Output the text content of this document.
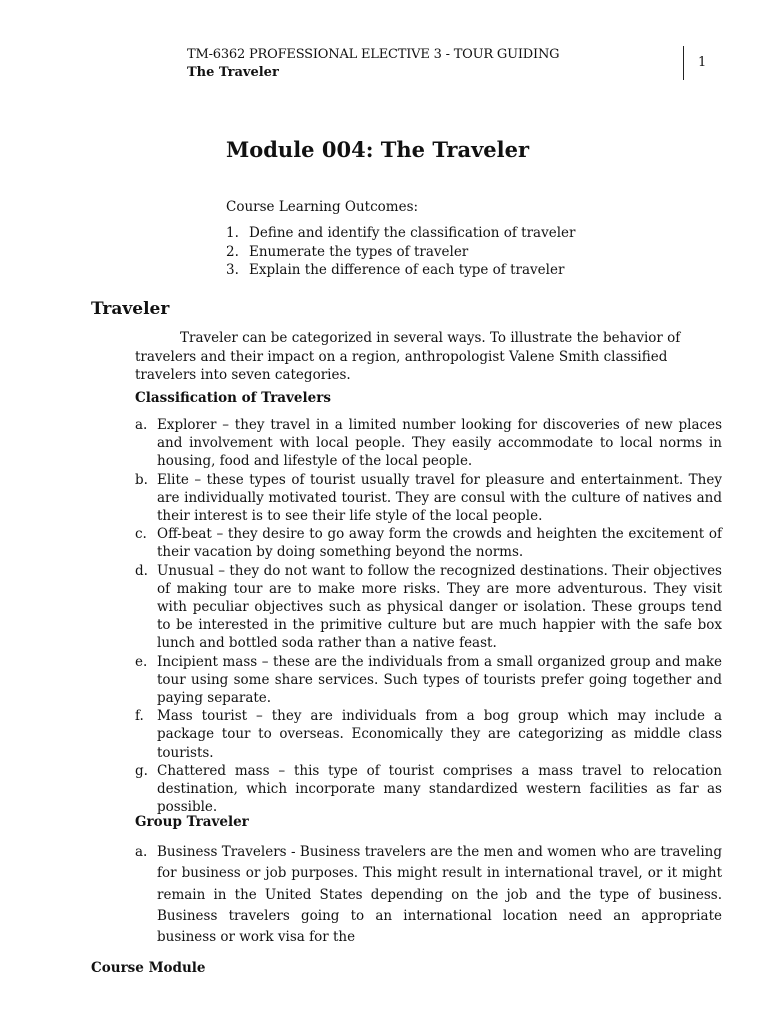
TM-6362 PROFESSIONAL ELECTIVE 3 - TOUR GUIDING
The Traveler
1
Module 004: The Traveler
Course Learning Outcomes:
1. Define and identify the classification of traveler
2. Enumerate the types of traveler
3. Explain the difference of each type of traveler
Traveler

Traveler can be categorized in several ways. To illustrate the behavior of travelers and their impact on a region, anthropologist Valene Smith classified travelers into seven categories.

Classification of Travelers
a. Explorer – they travel in a limited number looking for discoveries of new places and involvement with local people. They easily accommodate to local norms in housing, food and lifestyle of the local people.
b. Elite – these types of tourist usually travel for pleasure and entertainment. They are individually motivated tourist. They are consul with the culture of natives and their interest is to see their life style of the local people.
c. Off-beat – they desire to go away form the crowds and heighten the excitement of their vacation by doing something beyond the norms.
d. Unusual – they do not want to follow the recognized destinations. Their objectives of making tour are to make more risks. They are more adventurous. They visit with peculiar objectives such as physical danger or isolation. These groups tend to be interested in the primitive culture but are much happier with the safe box lunch and bottled soda rather than a native feast.
e. Incipient mass – these are the individuals from a small organized group and make tour using some share services. Such types of tourists prefer going together and paying separate.
f. Mass tourist – they are individuals from a bog group which may include a package tour to overseas. Economically they are categorizing as middle class tourists.
g. Chattered mass – this type of tourist comprises a mass travel to relocation destination, which incorporate many standardized western facilities as far as possible.
Group Traveler
a. Business Travelers - Business travelers are the men and women who are traveling for business or job purposes. This might result in international travel, or it might remain in the United States depending on the job and the type of business. Business travelers going to an international location need an appropriate business or work visa for the
Course Module
